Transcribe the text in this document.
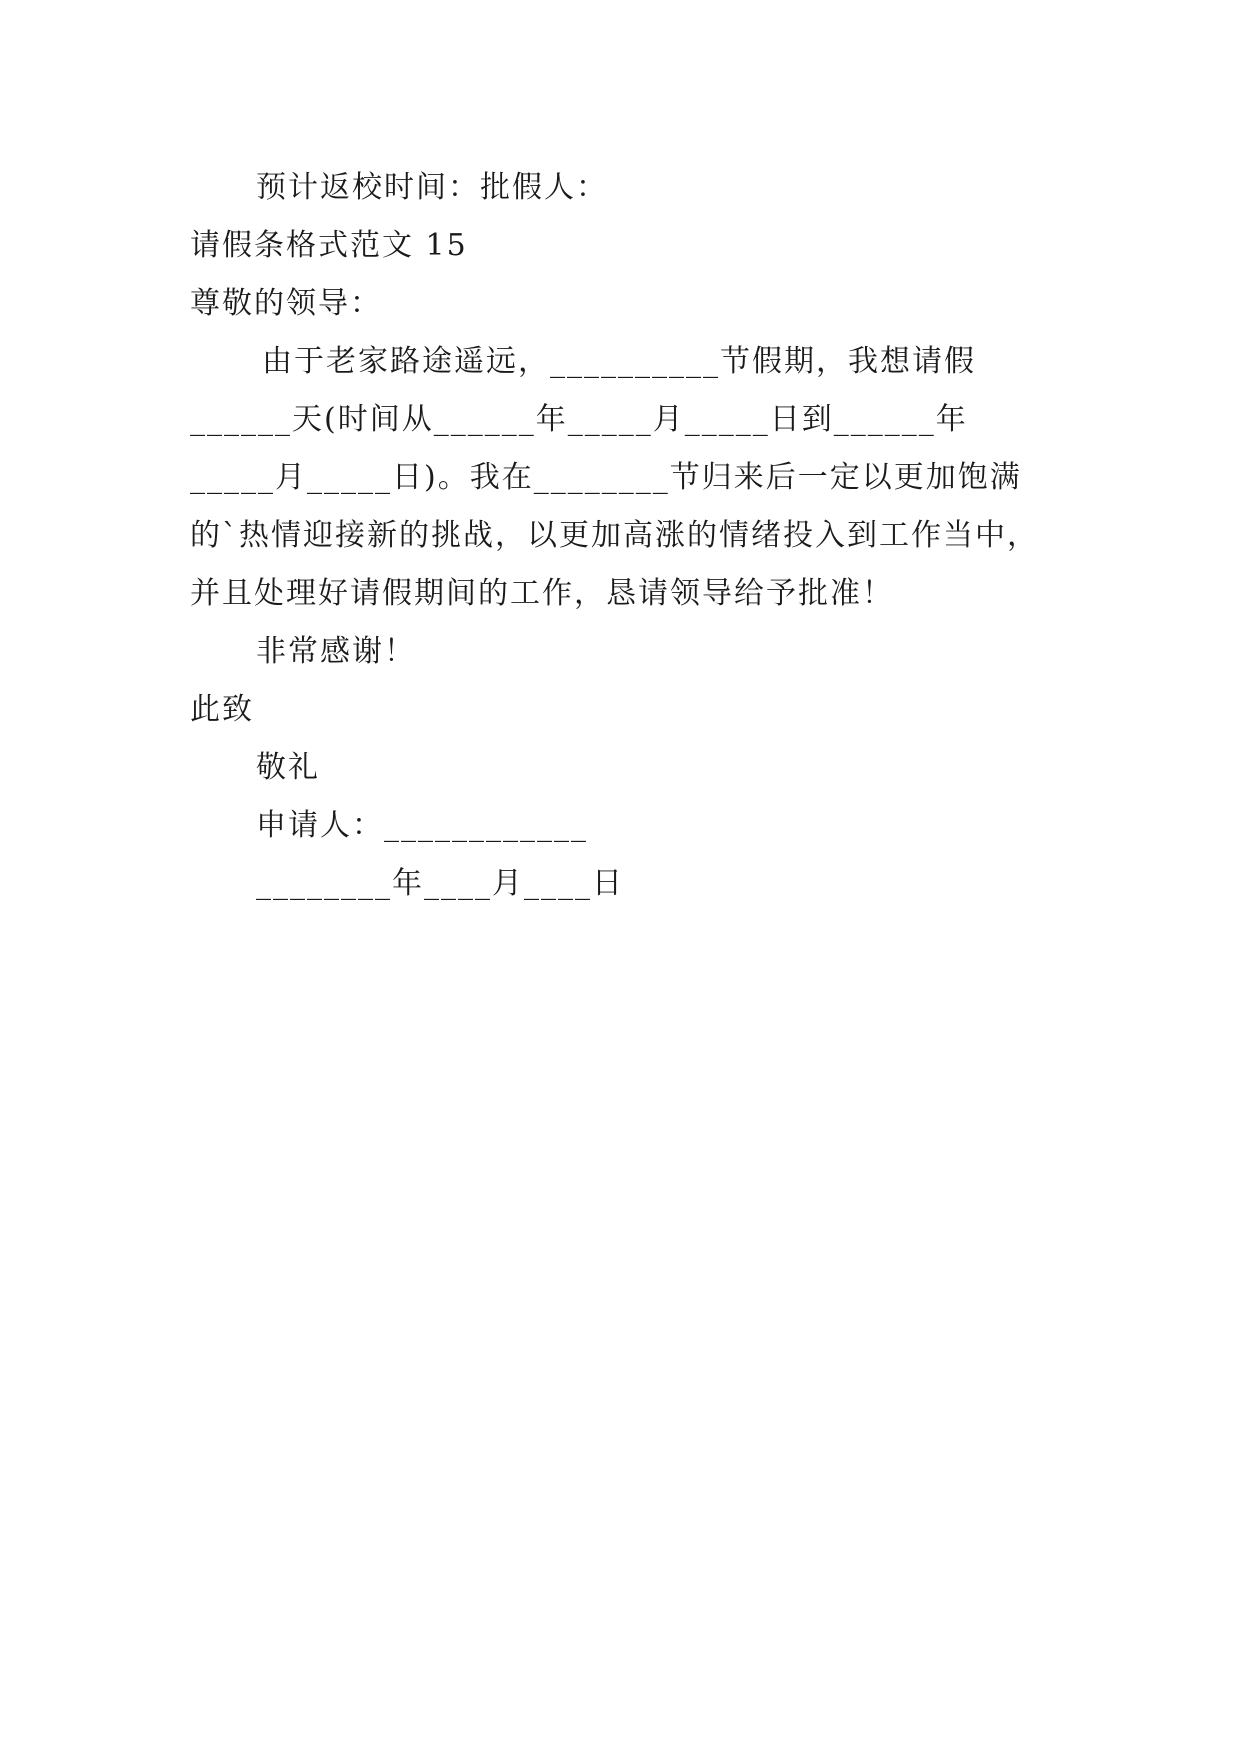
预计返校时间：批假人：
请假条格式范文 15
尊敬的领导：
由于老家路途遥远，__________节假期，我想请假
______天(时间从______年_____月_____日到______年
_____月_____日)。我在________节归来后一定以更加饱满
的`热情迎接新的挑战，以更加高涨的情绪投入到工作当中，
并且处理好请假期间的工作，恳请领导给予批准！
非常感谢！
此致
敬礼
申请人：____________
________年____月____日
